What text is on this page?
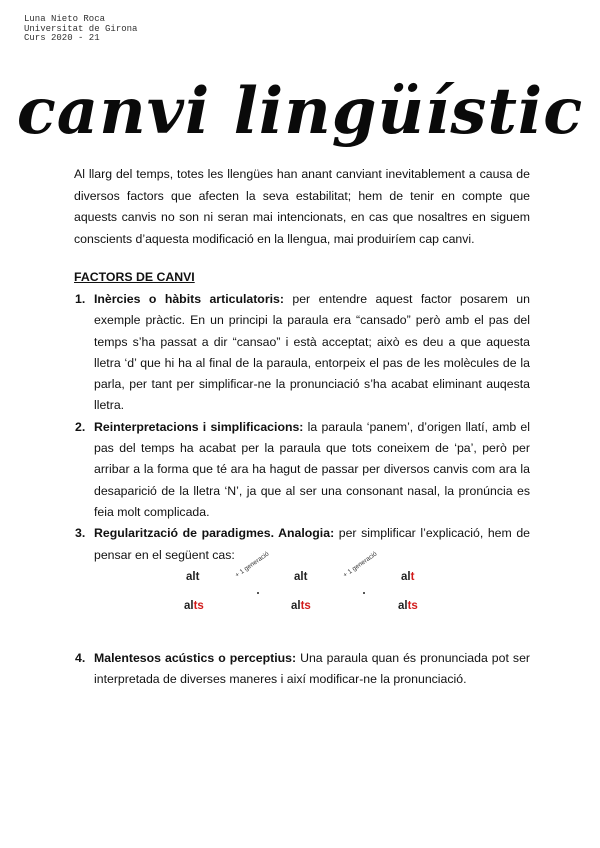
Luna Nieto Roca
Universitat de Girona
Curs 2020 - 21
canvi lingüístic

Al llarg del temps, totes les llengües han anant canviant inevitablement a causa de diversos factors que afecten la seva estabilitat; hem de tenir en compte que aquests canvis no son ni seran mai intencionats, en cas que nosaltres en siguem conscients d’aquesta modificació en la llengua, mai produiríem cap canvi.

FACTORS DE CANVI

1. Inèrcies o hàbits articulatoris: per entendre aquest factor posarem un exemple pràctic. En un principi la paraula era “cansado” però amb el pas del temps s’ha passat a dir “cansao” i està acceptat; això es deu a que aquesta lletra ‘d’ que hi ha al final de la paraula, entorpeix el pas de les molècules de la parla, per tant per simplificar-ne la pronunciació s’ha acabat eliminant auqesta lletra.
2. Reinterpretacions i simplificacions: la paraula ‘panem’, d’origen llatí, amb el pas del temps ha acabat per la paraula que tots coneixem de ‘pa’, però per arribar a la forma que té ara ha hagut de passar per diversos canvis com ara la desaparició de la lletra ‘N’, ja que al ser una consonant nasal, la pronúncia es feia molt complicada.
3. Regularització de paradigmes. Analogia: per simplificar l’explicació, hem de pensar en el següent cas:
alt	alt	alt
alts	alts	alts
+ 1 generació	+ 1 generació
4. Malentesos acústics o perceptius: Una paraula quan és pronunciada pot ser interpretada de diverses maneres i així modificar-ne la pronunciació.
